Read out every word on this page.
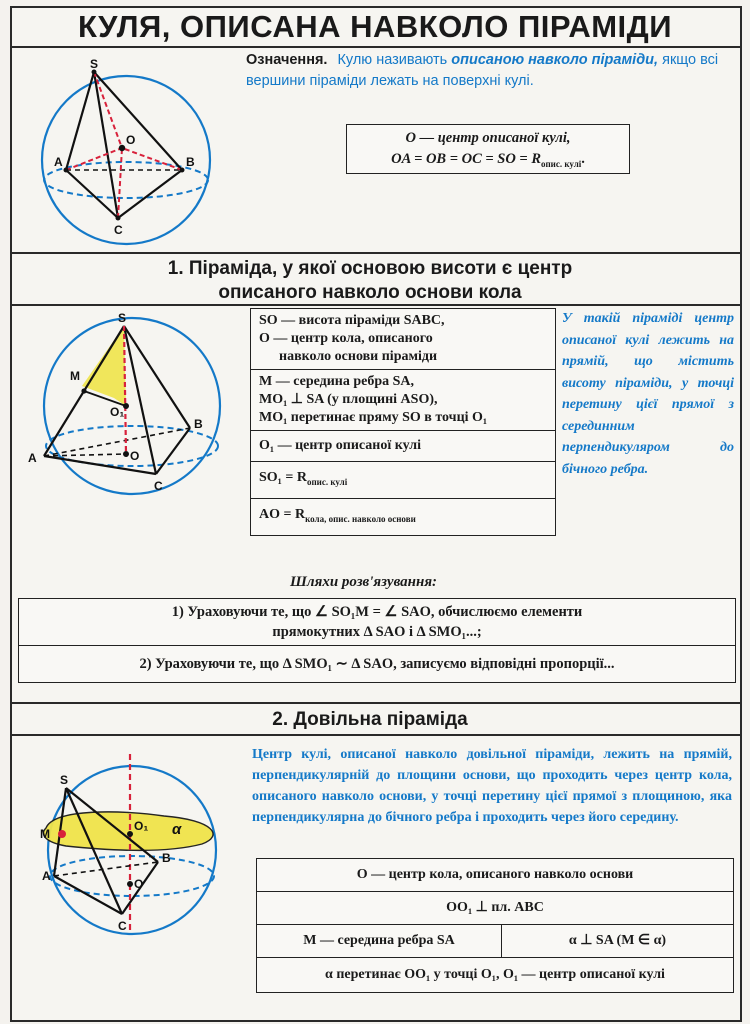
КУЛЯ, ОПИСАНА НАВКОЛО ПІРАМІДИ
Означення. Кулю називають описаною навколо піраміди, якщо всі вершини піраміди лежать на поверхні кулі.
O — центр описаної кулі,
OA = OB = OC = SO = $R_{опис. кулі}$.
S
O
A	B
C
1. Піраміда, у якої основою висоти є центр
описаного навколо основи кола
S
M
O₁
O
A
B
C
SO — висота піраміди SABC,
O — центр кола, описаного
навколо основи піраміди
M — середина ребра SA,
MO₁ ⊥ SA (у площині ASO),
MO₁ перетинає пряму SO в точці O₁
O₁ — центр описаної кулі
$SO_1 = R_{опис. кулі}$
AO = $R_{кола, опис. навколо основи}$
У такій піраміді центр описаної кулі лежить на прямій, що містить висоту піраміди, у точці перетину цієї прямої з серединним перпендикуляром до бічного ребра.
Шляхи розв'язування:
1) Ураховуючи те, що ∠ SO₁M = ∠ SAO, обчислюємо елементи
прямокутних Δ SAO і Δ SMO₁...;
2) Ураховуючи те, що Δ SMO₁ ∼ Δ SAO, записуємо відповідні пропорції...
2. Довільна піраміда
S
M
O₁ α
O
A
B
C
Центр кулі, описаної навколо довільної піраміди, лежить на прямій, перпендикулярній до площини основи, що проходить через центр кола, описаного навколо основи, у точці перетину цієї прямої з площиною, яка перпендикулярна до бічного ребра і проходить через його середину.
O — центр кола, описаного навколо основи
OO₁ ⊥ пл. ABC
M — середина ребра SA	α ⊥ SA (M ∈ α)
α перетинає OO₁ у точці O₁, O₁ — центр описаної кулі
